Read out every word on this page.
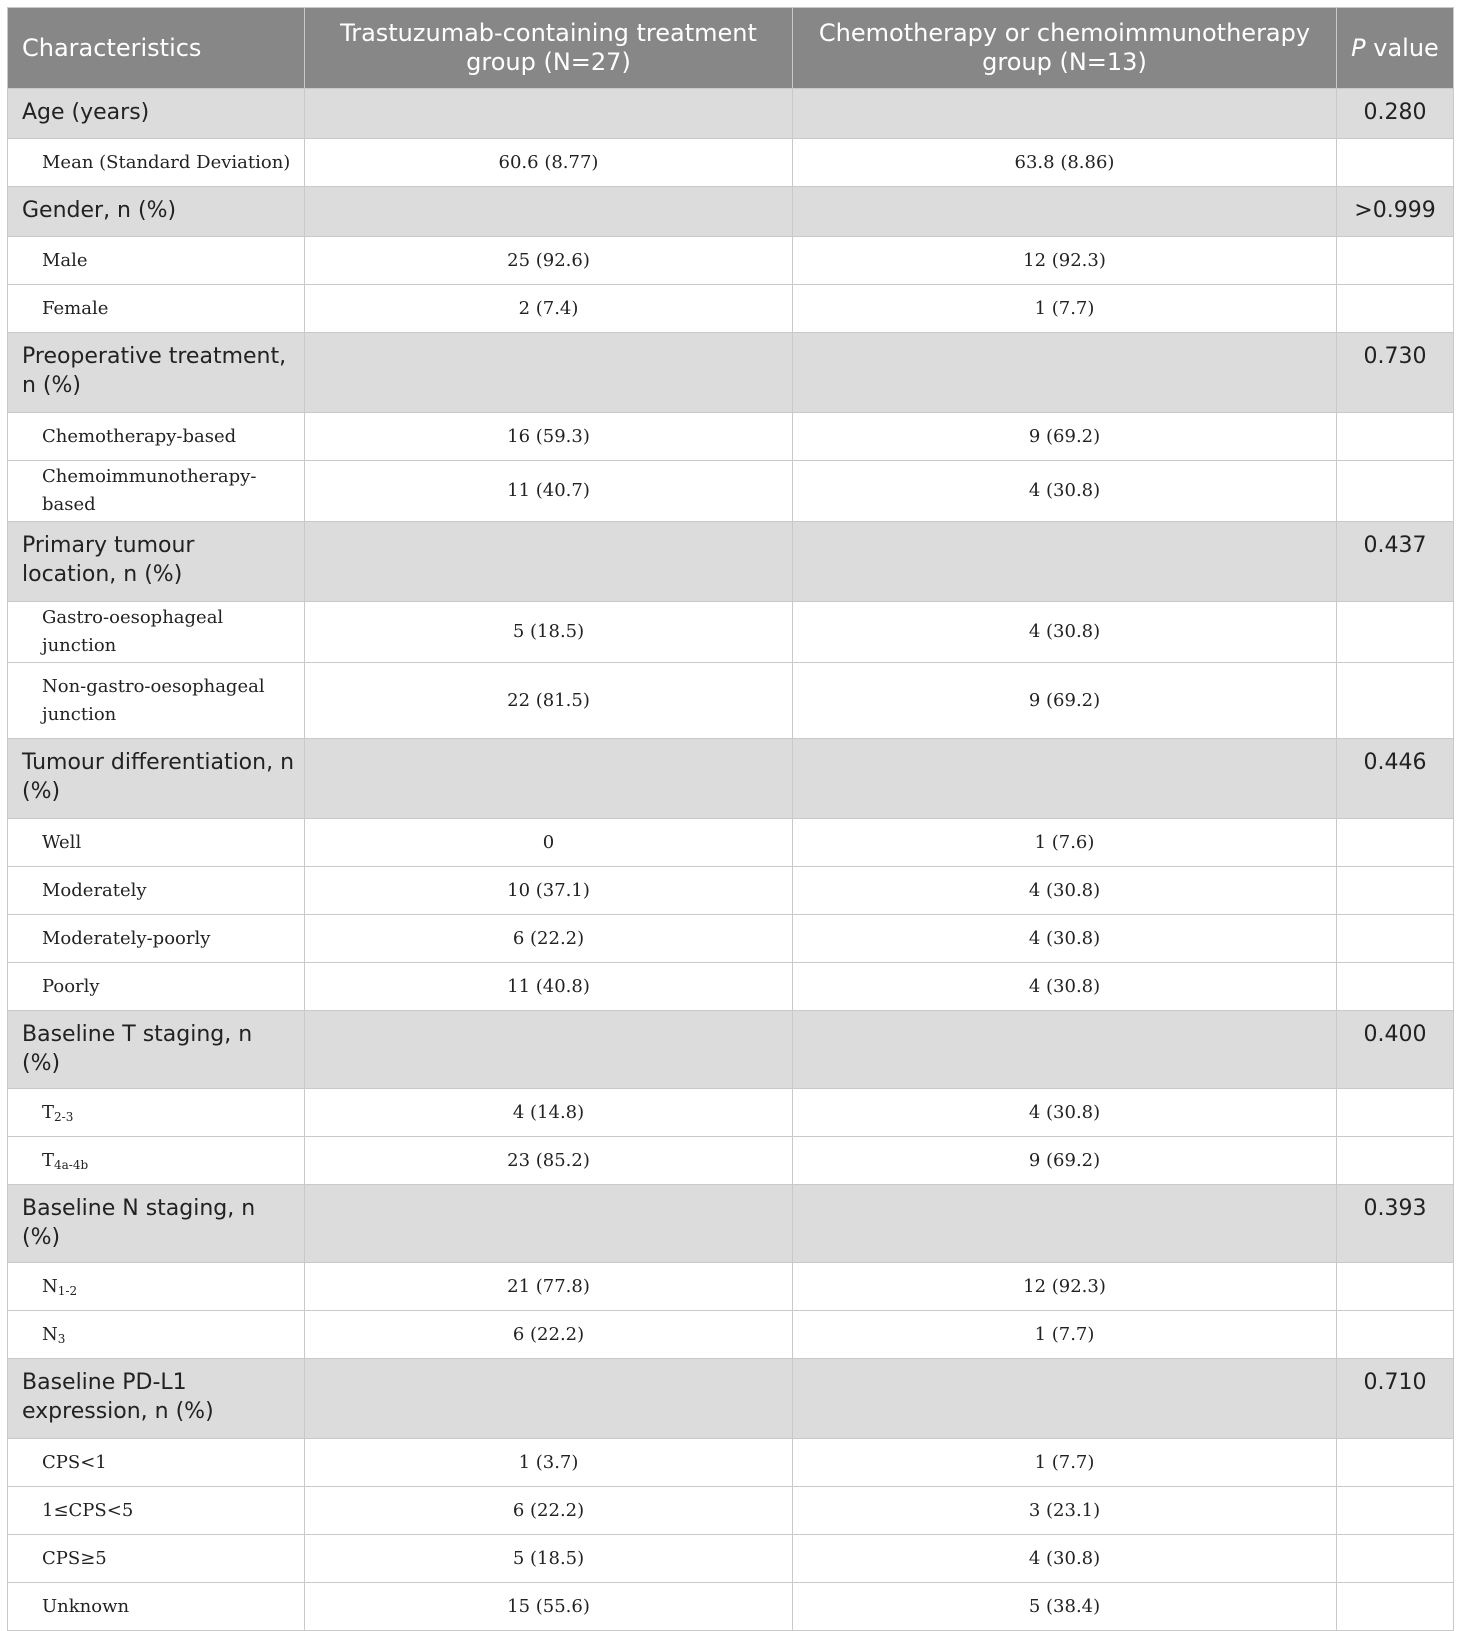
Characteristics	Trastuzumab-containing treatment group (N=27)	Chemotherapy or chemoimmunotherapy group (N=13)	P value
Age (years)			0.280
Mean (Standard Deviation)	60.6 (8.77)	63.8 (8.86)	
Gender, n (%)			>0.999
Male	25 (92.6)	12 (92.3)	
Female	2 (7.4)	1 (7.7)	
Preoperative treatment, n (%)			0.730
Chemotherapy-based	16 (59.3)	9 (69.2)	
Chemoimmunotherapy-based	11 (40.7)	4 (30.8)	
Primary tumour location, n (%)			0.437
Gastro-oesophageal junction	5 (18.5)	4 (30.8)	
Non-gastro-oesophageal junction	22 (81.5)	9 (69.2)	
Tumour differentiation, n (%)			0.446
Well	0	1 (7.6)	
Moderately	10 (37.1)	4 (30.8)	
Moderately-poorly	6 (22.2)	4 (30.8)	
Poorly	11 (40.8)	4 (30.8)	
Baseline T staging, n (%)			0.400
$T_{2-3}$	4 (14.8)	4 (30.8)	
$T_{4a-4b}$	23 (85.2)	9 (69.2)	
Baseline N staging, n (%)			0.393
$N_{1-2}$	21 (77.8)	12 (92.3)	
$N_3$	6 (22.2)	1 (7.7)	
Baseline PD-L1 expression, n (%)			0.710
CPS<1	1 (3.7)	1 (7.7)	
1≤CPS<5	6 (22.2)	3 (23.1)	
CPS≥5	5 (18.5)	4 (30.8)	
Unknown	15 (55.6)	5 (38.4)	
